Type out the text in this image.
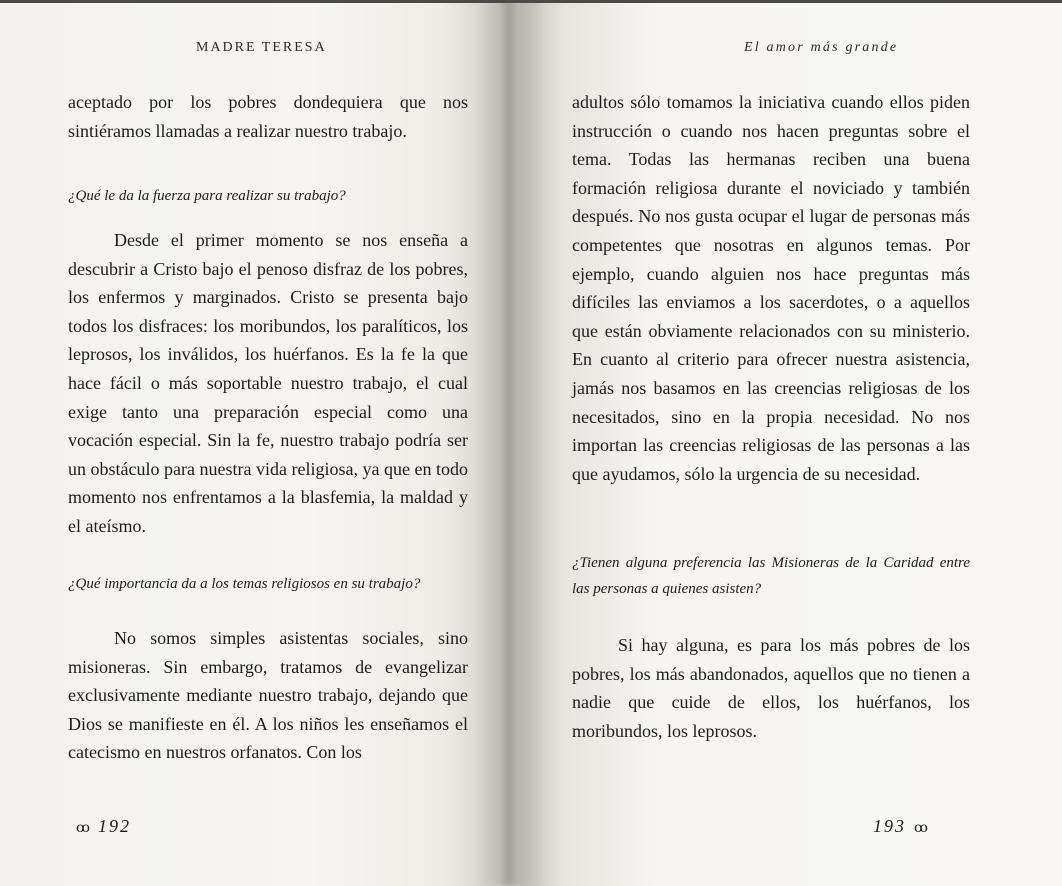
MADRE TERESA	El amor más grande

aceptado por los pobres dondequiera que nos sintiéramos llamadas a realizar nuestro trabajo.

¿Qué le da la fuerza para realizar su trabajo?

Desde el primer momento se nos enseña a descubrir a Cristo bajo el penoso disfraz de los pobres, los enfermos y marginados. Cristo se presenta bajo todos los disfraces: los moribundos, los paralíticos, los leprosos, los inválidos, los huérfanos. Es la fe la que hace fácil o más soportable nuestro trabajo, el cual exige tanto una preparación especial como una vocación especial. Sin la fe, nuestro trabajo podría ser un obstáculo para nuestra vida religiosa, ya que en todo momento nos enfrentamos a la blasfemia, la maldad y el ateísmo.

¿Qué importancia da a los temas religiosos en su trabajo?

No somos simples asistentas sociales, sino misioneras. Sin embargo, tratamos de evangelizar exclusivamente mediante nuestro trabajo, dejando que Dios se manifieste en él. A los niños les enseñamos el catecismo en nuestros orfanatos. Con los

adultos sólo tomamos la iniciativa cuando ellos piden instrucción o cuando nos hacen preguntas sobre el tema. Todas las hermanas reciben una buena formación religiosa durante el noviciado y también después. No nos gusta ocupar el lugar de personas más competentes que nosotras en algunos temas. Por ejemplo, cuando alguien nos hace preguntas más difíciles las enviamos a los sacerdotes, o a aquellos que están obviamente relacionados con su ministerio. En cuanto al criterio para ofrecer nuestra asistencia, jamás nos basamos en las creencias religiosas de los necesitados, sino en la propia necesidad. No nos importan las creencias religiosas de las personas a las que ayudamos, sólo la urgencia de su necesidad.

¿Tienen alguna preferencia las Misioneras de la Caridad entre las personas a quienes asisten?

Si hay alguna, es para los más pobres de los pobres, los más abandonados, aquellos que no tienen a nadie que cuide de ellos, los huérfanos, los moribundos, los leprosos.

ꝏ 192	193 ꝏ
